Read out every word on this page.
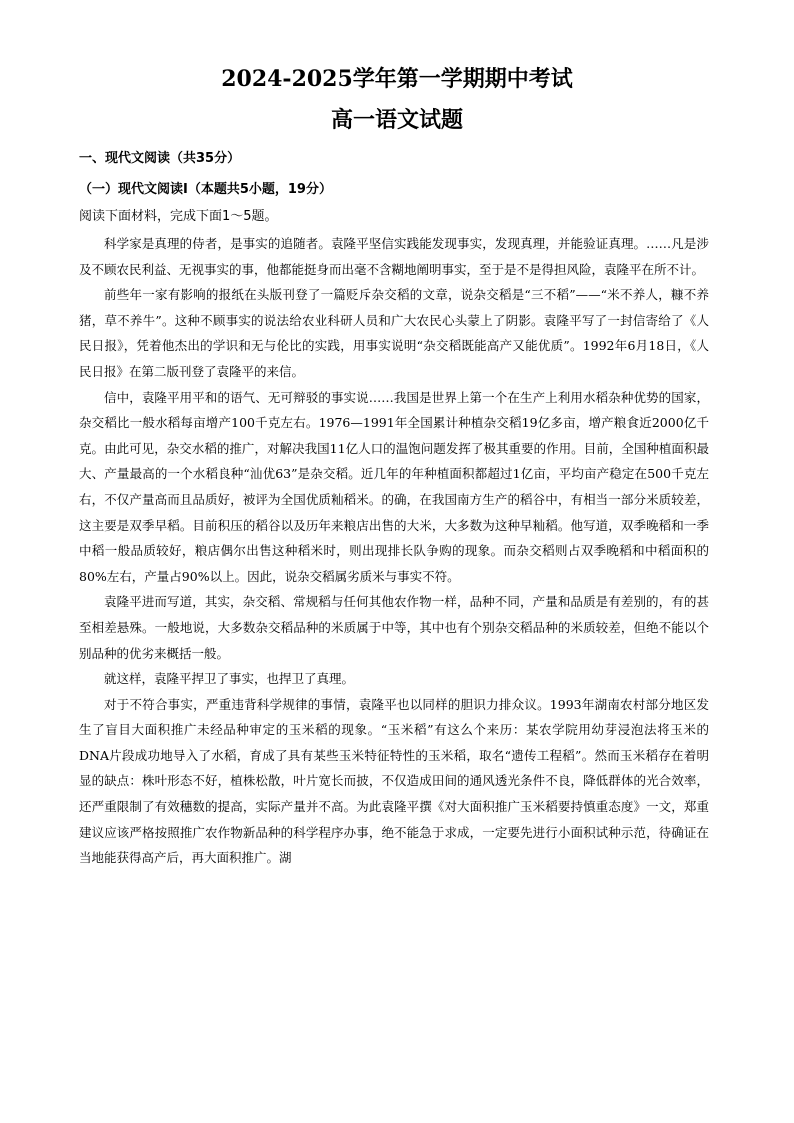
2024-2025学年第一学期期中考试
高一语文试题
一、现代文阅读（共35分）
（一）现代文阅读Ⅰ（本题共5小题，19分）
阅读下面材料，完成下面1～5题。

科学家是真理的侍者，是事实的追随者。袁隆平坚信实践能发现事实，发现真理，并能验证真理。……凡是涉及不顾农民利益、无视事实的事，他都能挺身而出毫不含糊地阐明事实，至于是不是得担风险，袁隆平在所不计。

前些年一家有影响的报纸在头版刊登了一篇贬斥杂交稻的文章，说杂交稻是“三不稻”——“米不养人，糠不养猪，草不养牛”。这种不顾事实的说法给农业科研人员和广大农民心头蒙上了阴影。袁隆平写了一封信寄给了《人民日报》，凭着他杰出的学识和无与伦比的实践，用事实说明“杂交稻既能高产又能优质”。1992年6月18日，《人民日报》在第二版刊登了袁隆平的来信。

信中，袁隆平用平和的语气、无可辩驳的事实说……我国是世界上第一个在生产上利用水稻杂种优势的国家，杂交稻比一般水稻每亩增产100千克左右。1976—1991年全国累计种植杂交稻19亿多亩，增产粮食近2000亿千克。由此可见，杂交水稻的推广，对解决我国11亿人口的温饱问题发挥了极其重要的作用。目前，全国种植面积最大、产量最高的一个水稻良种“汕优63”是杂交稻。近几年的年种植面积都超过1亿亩，平均亩产稳定在500千克左右，不仅产量高而且品质好，被评为全国优质籼稻米。的确，在我国南方生产的稻谷中，有相当一部分米质较差，这主要是双季早稻。目前积压的稻谷以及历年来粮店出售的大米，大多数为这种早籼稻。他写道，双季晚稻和一季中稻一般品质较好，粮店偶尔出售这种稻米时，则出现排长队争购的现象。而杂交稻则占双季晚稻和中稻面积的80%左右，产量占90%以上。因此，说杂交稻属劣质米与事实不符。

袁隆平进而写道，其实，杂交稻、常规稻与任何其他农作物一样，品种不同，产量和品质是有差别的，有的甚至相差悬殊。一般地说，大多数杂交稻品种的米质属于中等，其中也有个别杂交稻品种的米质较差，但绝不能以个别品种的优劣来概括一般。

就这样，袁隆平捍卫了事实，也捍卫了真理。

对于不符合事实，严重违背科学规律的事情，袁隆平也以同样的胆识力排众议。1993年湖南农村部分地区发生了盲目大面积推广未经品种审定的玉米稻的现象。“玉米稻”有这么个来历：某农学院用幼芽浸泡法将玉米的DNA片段成功地导入了水稻，育成了具有某些玉米特征特性的玉米稻，取名“遗传工程稻”。然而玉米稻存在着明显的缺点：株叶形态不好，植株松散，叶片宽长而披，不仅造成田间的通风透光条件不良，降低群体的光合效率，还严重限制了有效穗数的提高，实际产量并不高。为此袁隆平撰《对大面积推广玉米稻要持慎重态度》一文，郑重建议应该严格按照推广农作物新品种的科学程序办事，绝不能急于求成，一定要先进行小面积试种示范，待确证在当地能获得高产后，再大面积推广。湖
